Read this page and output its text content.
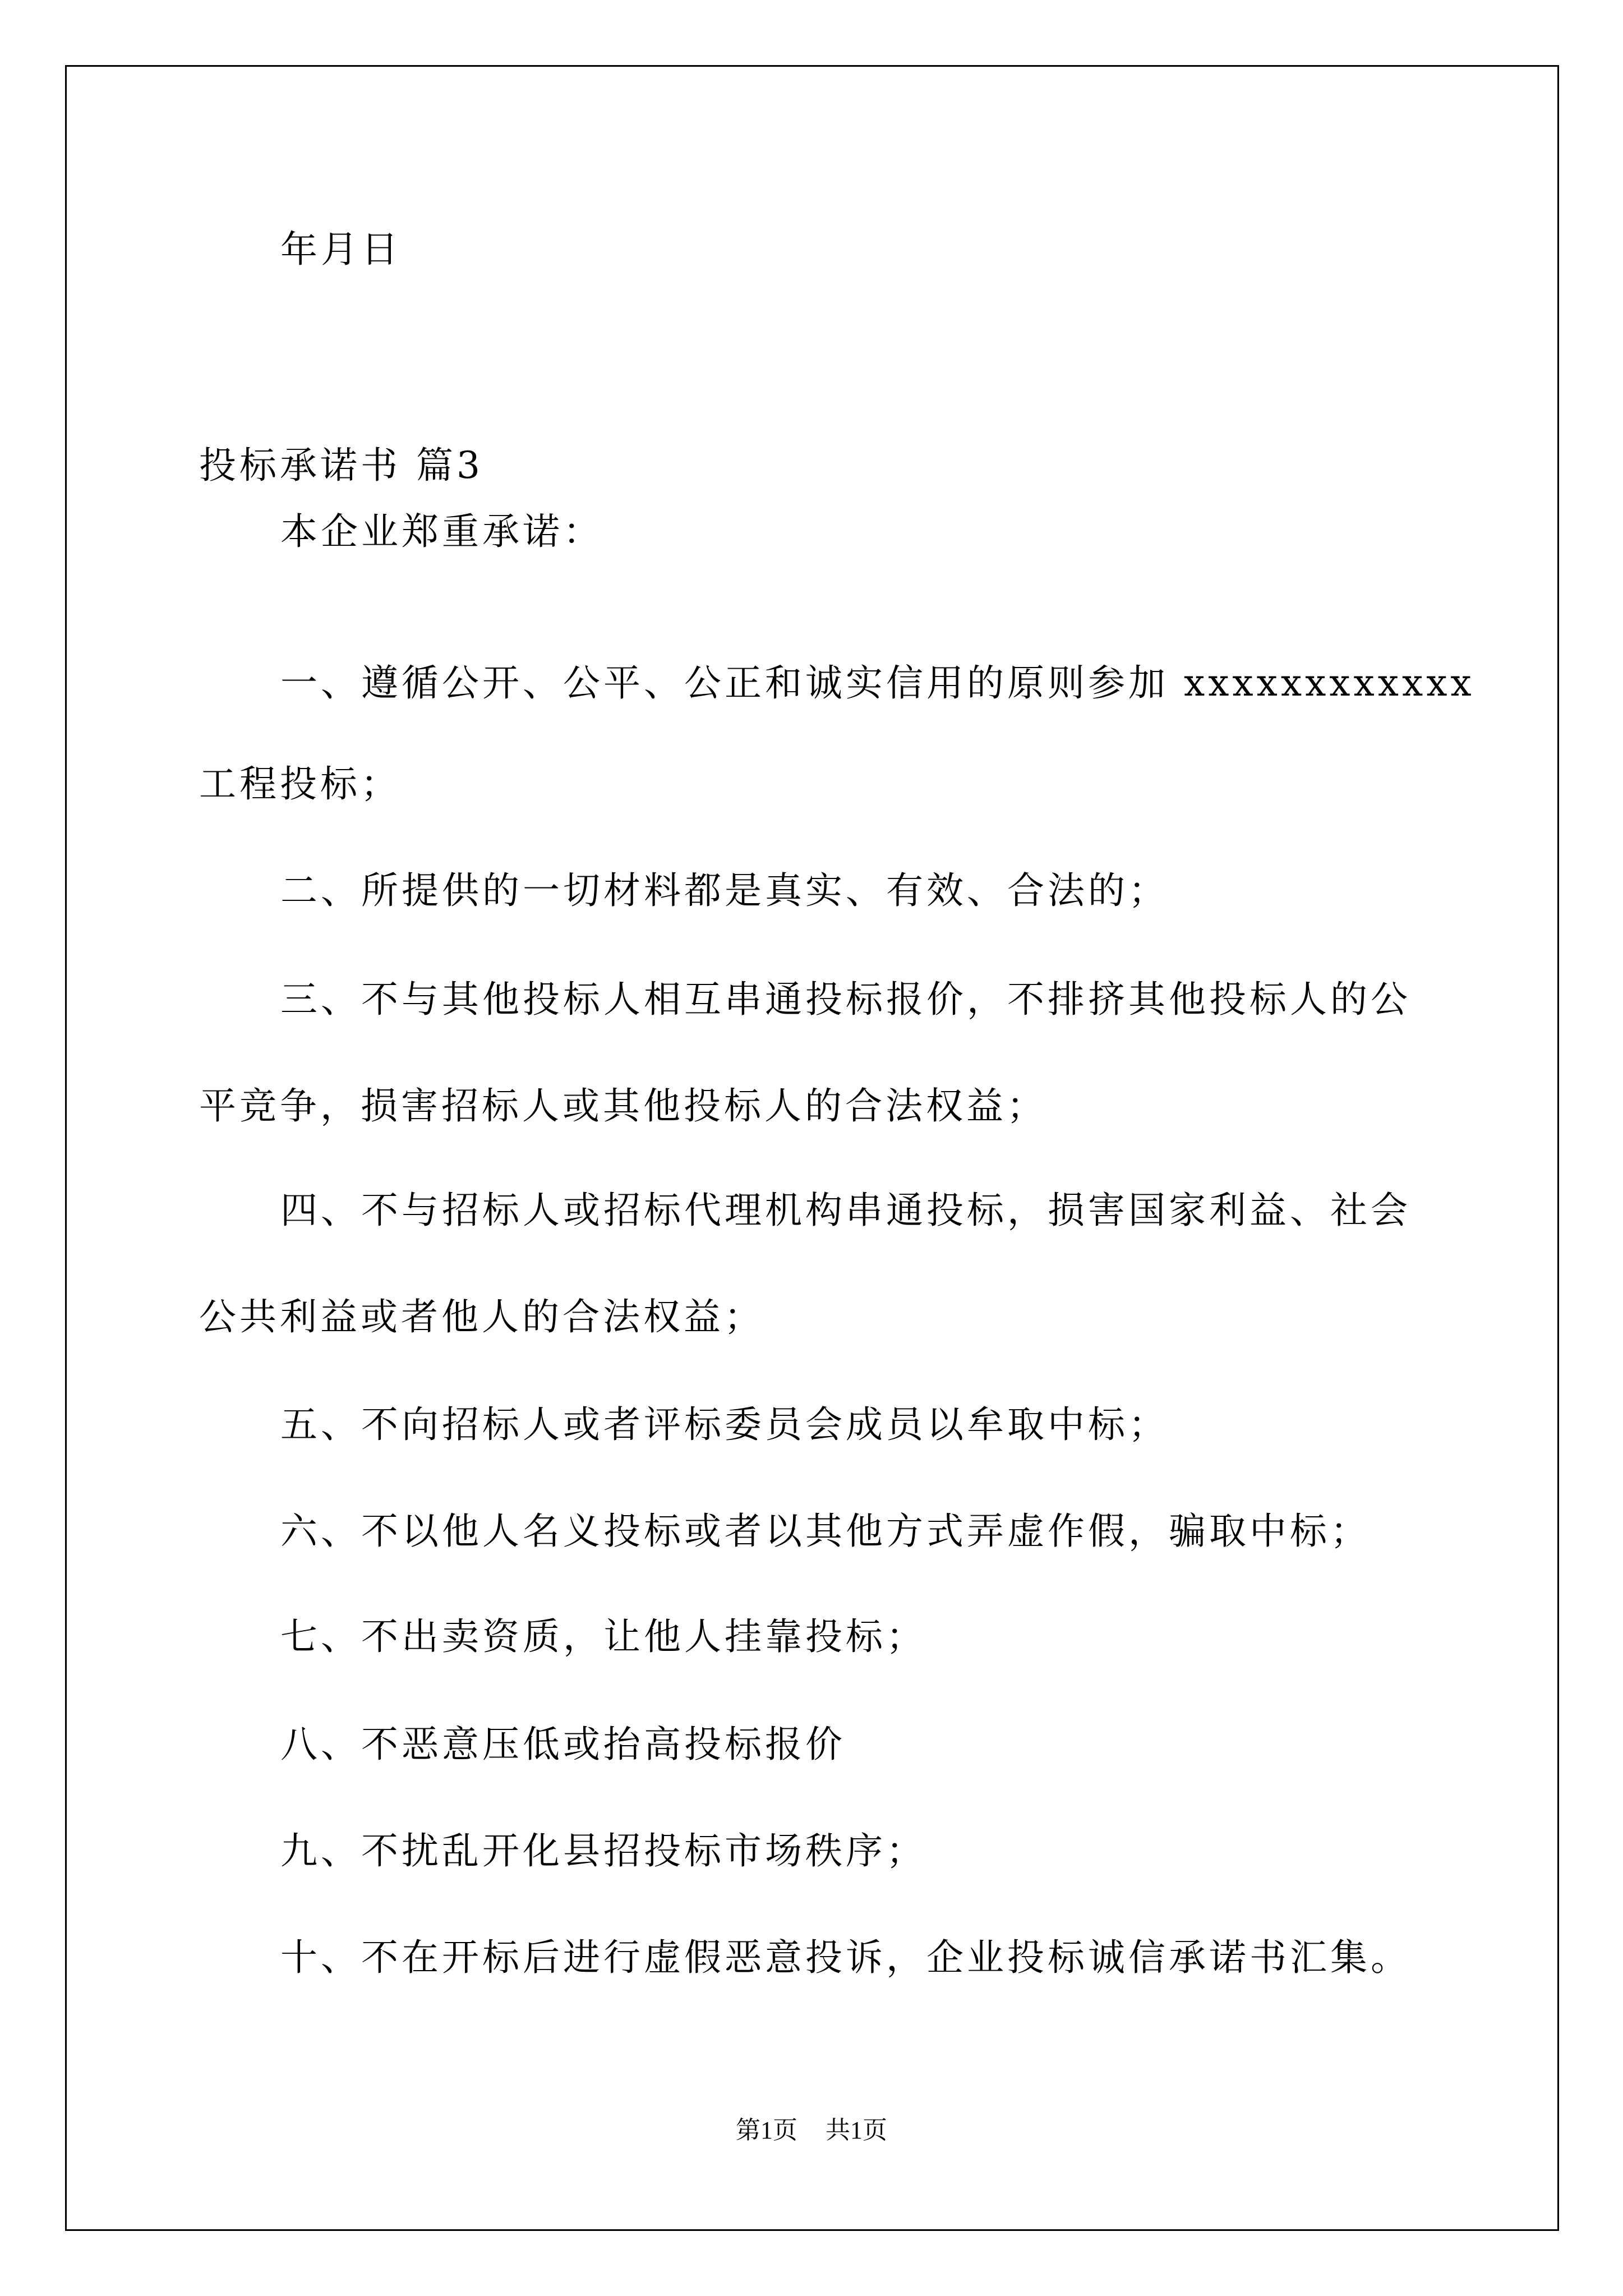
年月日

投标承诺书 篇3

本企业郑重承诺：

一、遵循公开、公平、公正和诚实信用的原则参加 xxxxxxxxxxxx

工程投标；

二、所提供的一切材料都是真实、有效、合法的；

三、不与其他投标人相互串通投标报价，不排挤其他投标人的公

平竞争，损害招标人或其他投标人的合法权益；

四、不与招标人或招标代理机构串通投标，损害国家利益、社会

公共利益或者他人的合法权益；

五、不向招标人或者评标委员会成员以牟取中标；

六、不以他人名义投标或者以其他方式弄虚作假，骗取中标；

七、不出卖资质，让他人挂靠投标；

八、不恶意压低或抬高投标报价

九、不扰乱开化县招投标市场秩序；

十、不在开标后进行虚假恶意投诉，企业投标诚信承诺书汇集。

第1页 共1页
